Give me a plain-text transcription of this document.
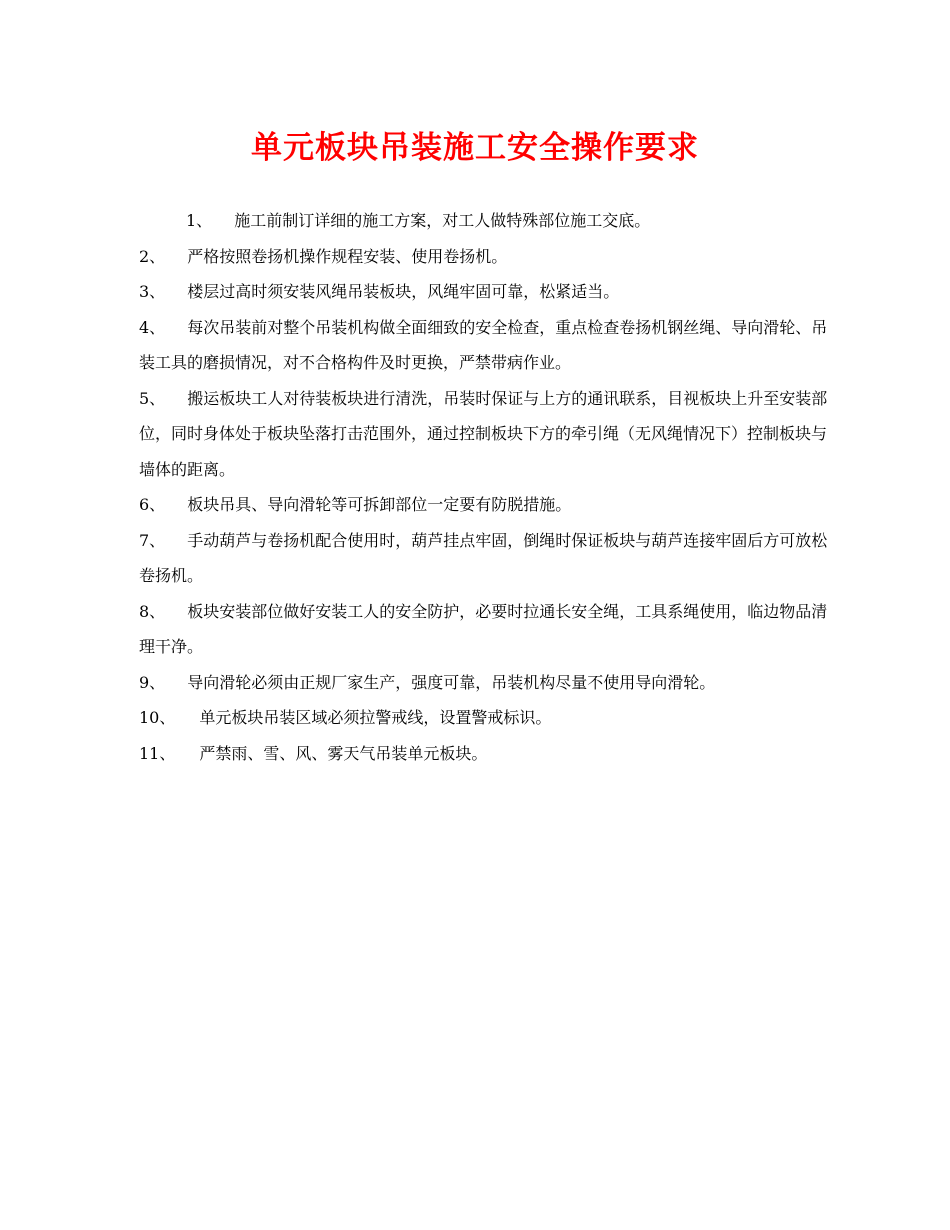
单元板块吊装施工安全操作要求

1、 施工前制订详细的施工方案，对工人做特殊部位施工交底。

2、 严格按照卷扬机操作规程安装、使用卷扬机。

3、 楼层过高时须安装风绳吊装板块，风绳牢固可靠，松紧适当。

4、 每次吊装前对整个吊装机构做全面细致的安全检查，重点检查卷扬机钢丝绳、导向滑轮、吊装工具的磨损情况，对不合格构件及时更换，严禁带病作业。

5、 搬运板块工人对待装板块进行清洗，吊装时保证与上方的通讯联系，目视板块上升至安装部位，同时身体处于板块坠落打击范围外，通过控制板块下方的牵引绳（无风绳情况下）控制板块与墙体的距离。

6、 板块吊具、导向滑轮等可拆卸部位一定要有防脱措施。

7、 手动葫芦与卷扬机配合使用时，葫芦挂点牢固，倒绳时保证板块与葫芦连接牢固后方可放松卷扬机。

8、 板块安装部位做好安装工人的安全防护，必要时拉通长安全绳，工具系绳使用，临边物品清理干净。

9、 导向滑轮必须由正规厂家生产，强度可靠，吊装机构尽量不使用导向滑轮。

10、 单元板块吊装区域必须拉警戒线，设置警戒标识。

11、 严禁雨、雪、风、雾天气吊装单元板块。
